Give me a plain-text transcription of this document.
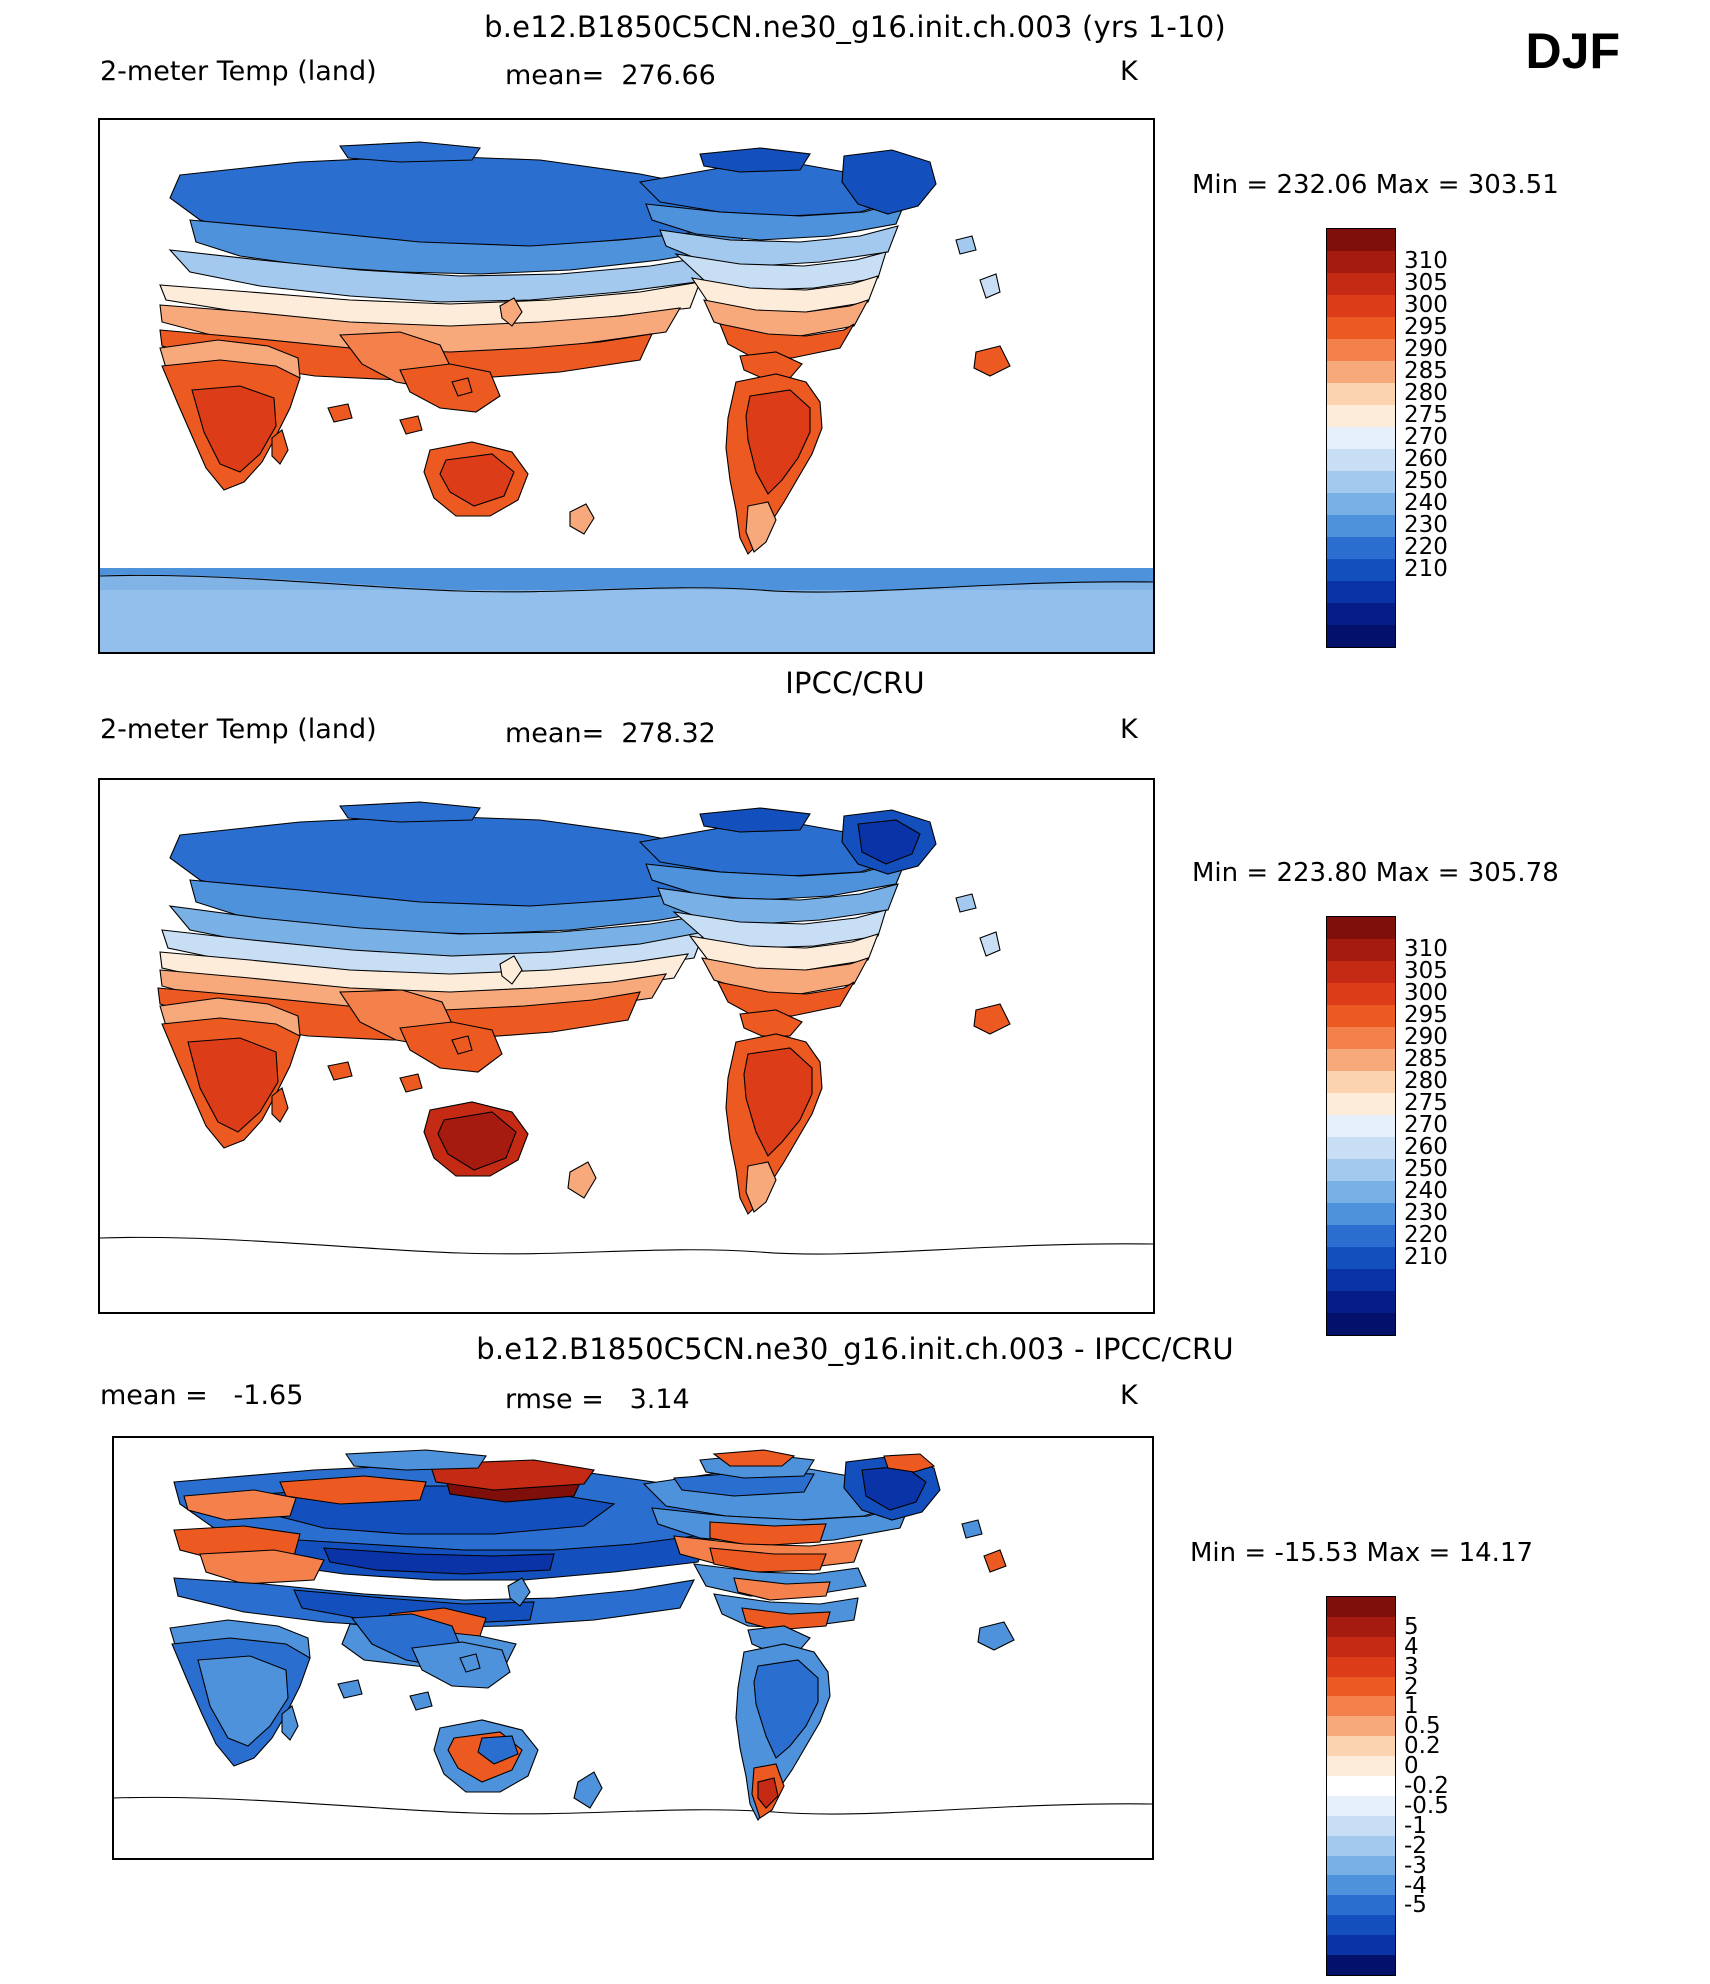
b.e12.B1850C5CN.ne30_g16.init.ch.003 (yrs 1-10)	DJF
2-meter Temp (land)	mean= 276.66	K
Min = 232.06 Max = 303.51
310
305
300
295
290
285
280
275
270
260
250
240
230
220
210
IPCC/CRU
2-meter Temp (land)	mean= 278.32	K
Min = 223.80 Max = 305.78
310
305
300
295
290
285
280
275
270
260
250
240
230
220
210
b.e12.B1850C5CN.ne30_g16.init.ch.003 - IPCC/CRU
mean = -1.65	rmse = 3.14	K
Min = -15.53 Max = 14.17
5
4
3
2
1
0.5
0.2
0
-0.2
-0.5
-1
-2
-3
-4
-5
